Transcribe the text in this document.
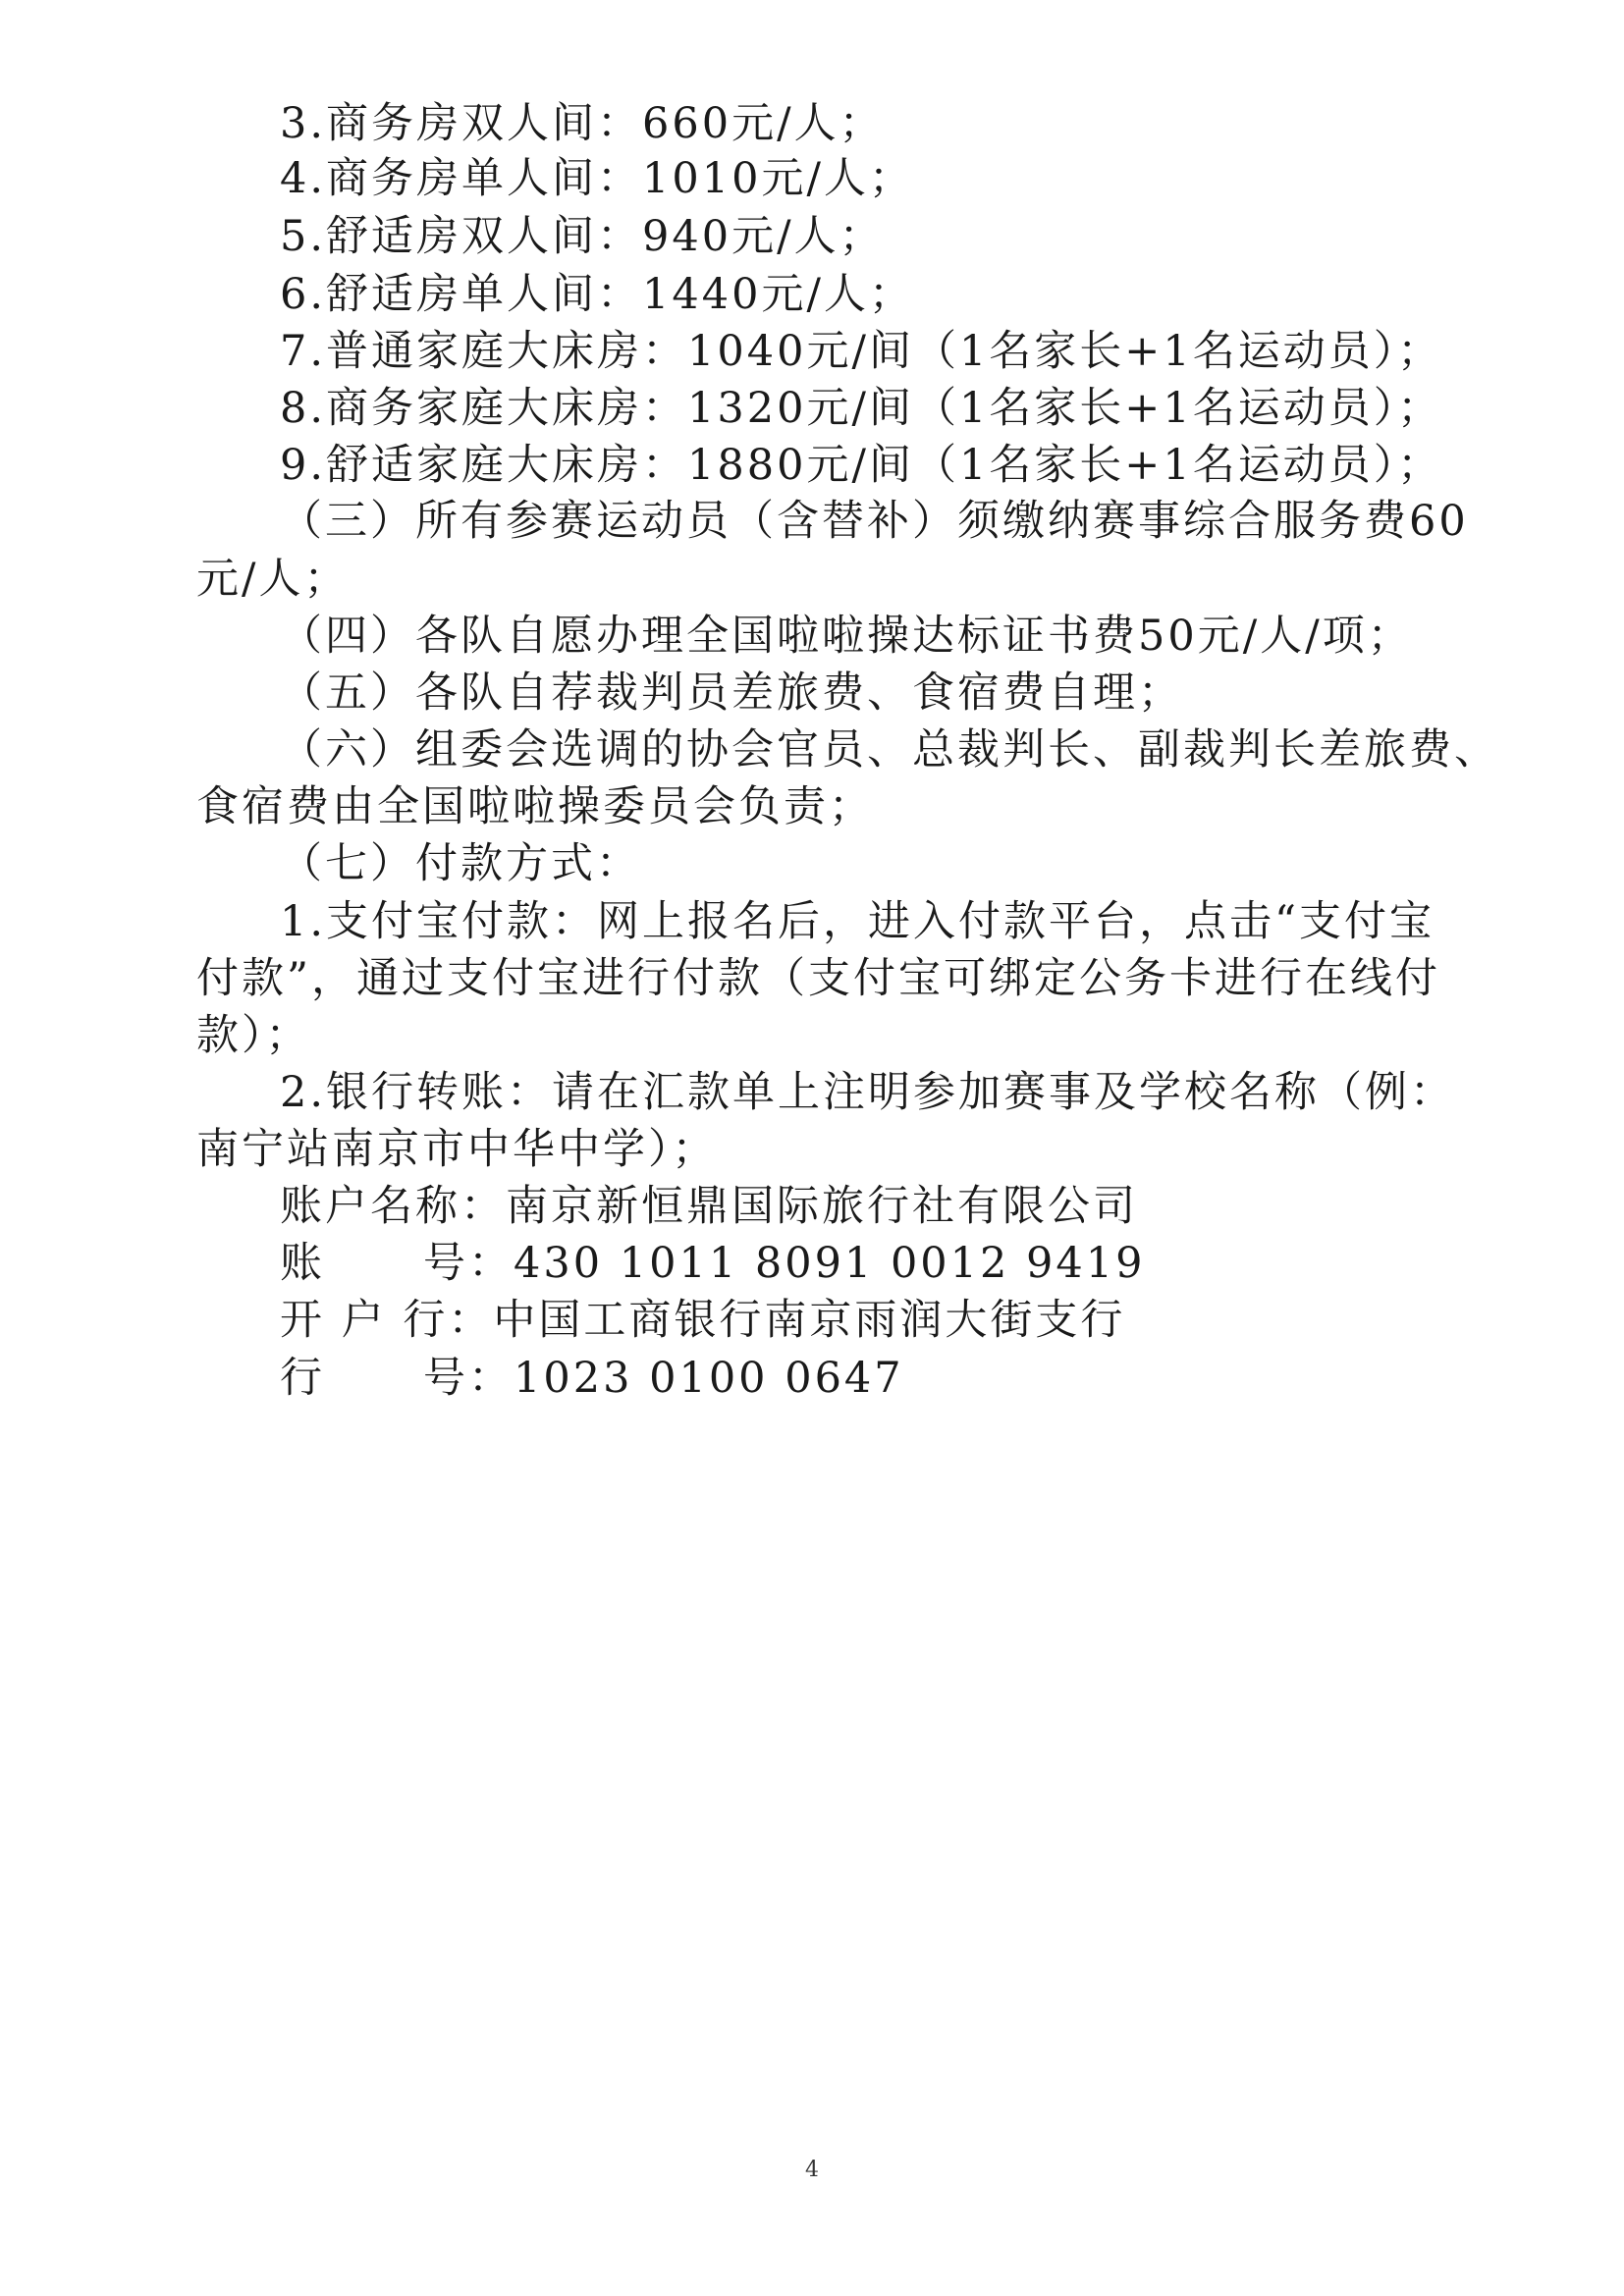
3.商务房双人间：660元/人；
4.商务房单人间：1010元/人；
5.舒适房双人间：940元/人；
6.舒适房单人间：1440元/人；
7.普通家庭大床房：1040元/间（1名家长+1名运动员）；
8.商务家庭大床房：1320元/间（1名家长+1名运动员）；
9.舒适家庭大床房：1880元/间（1名家长+1名运动员）；
（三）所有参赛运动员（含替补）须缴纳赛事综合服务费60
元/人；
（四）各队自愿办理全国啦啦操达标证书费50元/人/项；
（五）各队自荐裁判员差旅费、食宿费自理；
（六）组委会选调的协会官员、总裁判长、副裁判长差旅费、
食宿费由全国啦啦操委员会负责；
（七）付款方式：
1.支付宝付款：网上报名后，进入付款平台，点击“支付宝
付款”，通过支付宝进行付款（支付宝可绑定公务卡进行在线付
款）；
2.银行转账：请在汇款单上注明参加赛事及学校名称（例：
南宁站南京市中华中学）；
账户名称：南京新恒鼎国际旅行社有限公司
账      号：430 1011 8091 0012 9419
开 户 行：中国工商银行南京雨润大街支行
行      号：1023 0100 0647
4
